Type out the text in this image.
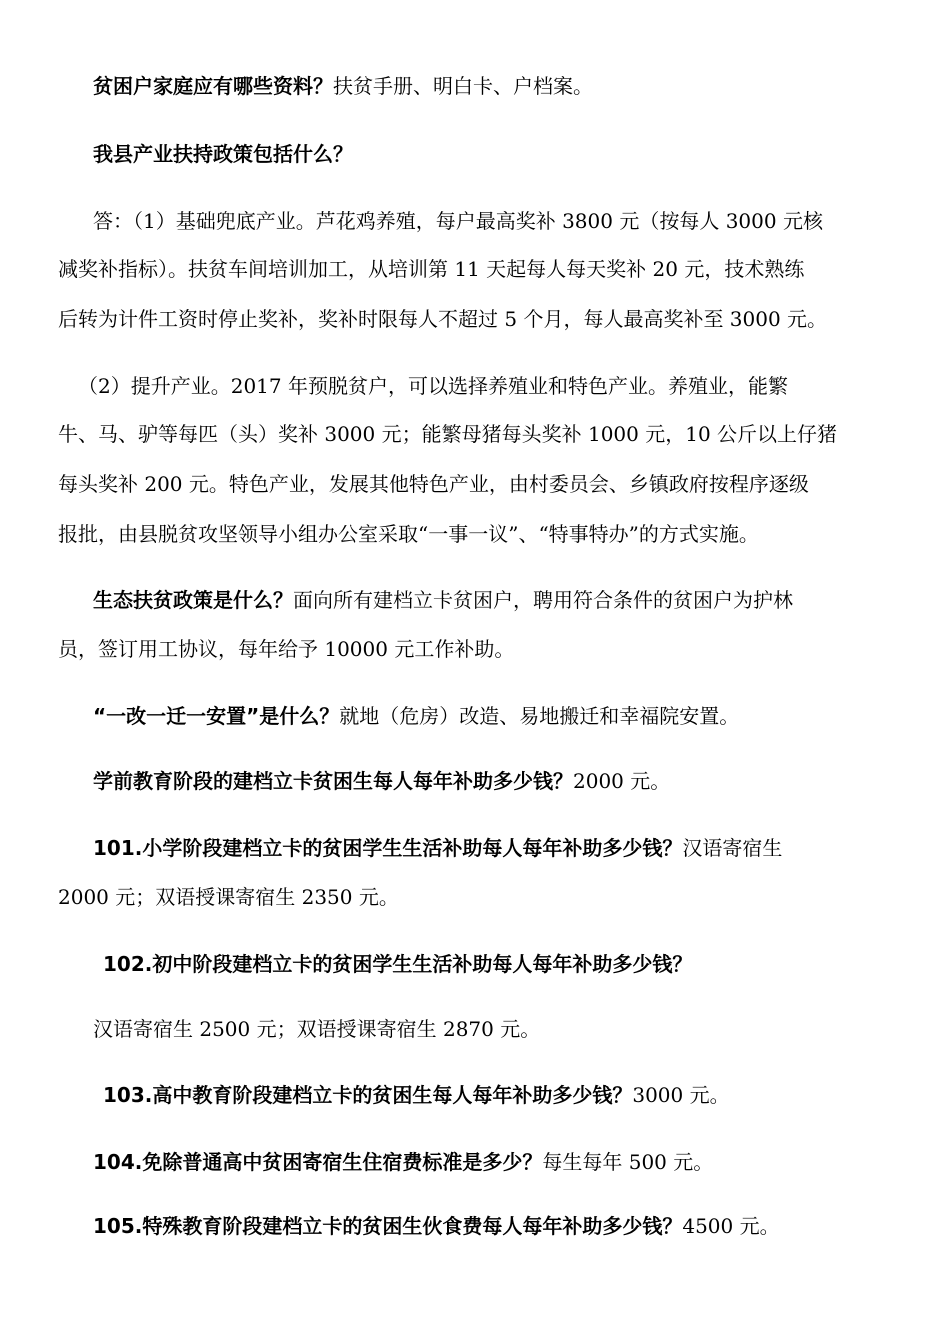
贫困户家庭应有哪些资料？扶贫手册、明白卡、户档案。
我县产业扶持政策包括什么？
答：（1）基础兜底产业。芦花鸡养殖，每户最高奖补 3800 元（按每人 3000 元核
减奖补指标）。扶贫车间培训加工，从培训第 11 天起每人每天奖补 20 元，技术熟练
后转为计件工资时停止奖补，奖补时限每人不超过 5 个月，每人最高奖补至 3000 元。
（2）提升产业。2017 年预脱贫户，可以选择养殖业和特色产业。养殖业，能繁
牛、马、驴等每匹（头）奖补 3000 元；能繁母猪每头奖补 1000 元，10 公斤以上仔猪
每头奖补 200 元。特色产业，发展其他特色产业，由村委员会、乡镇政府按程序逐级
报批，由县脱贫攻坚领导小组办公室采取“一事一议”、“特事特办”的方式实施。
生态扶贫政策是什么？面向所有建档立卡贫困户，聘用符合条件的贫困户为护林
员，签订用工协议，每年给予 10000 元工作补助。
“一改一迁一安置”是什么？就地（危房）改造、易地搬迁和幸福院安置。
学前教育阶段的建档立卡贫困生每人每年补助多少钱？2000 元。
101.小学阶段建档立卡的贫困学生生活补助每人每年补助多少钱？汉语寄宿生
2000 元；双语授课寄宿生 2350 元。
102.初中阶段建档立卡的贫困学生生活补助每人每年补助多少钱？
汉语寄宿生 2500 元；双语授课寄宿生 2870 元。
103.高中教育阶段建档立卡的贫困生每人每年补助多少钱？3000 元。
104.免除普通高中贫困寄宿生住宿费标准是多少？每生每年 500 元。
105.特殊教育阶段建档立卡的贫困生伙食费每人每年补助多少钱？4500 元。
